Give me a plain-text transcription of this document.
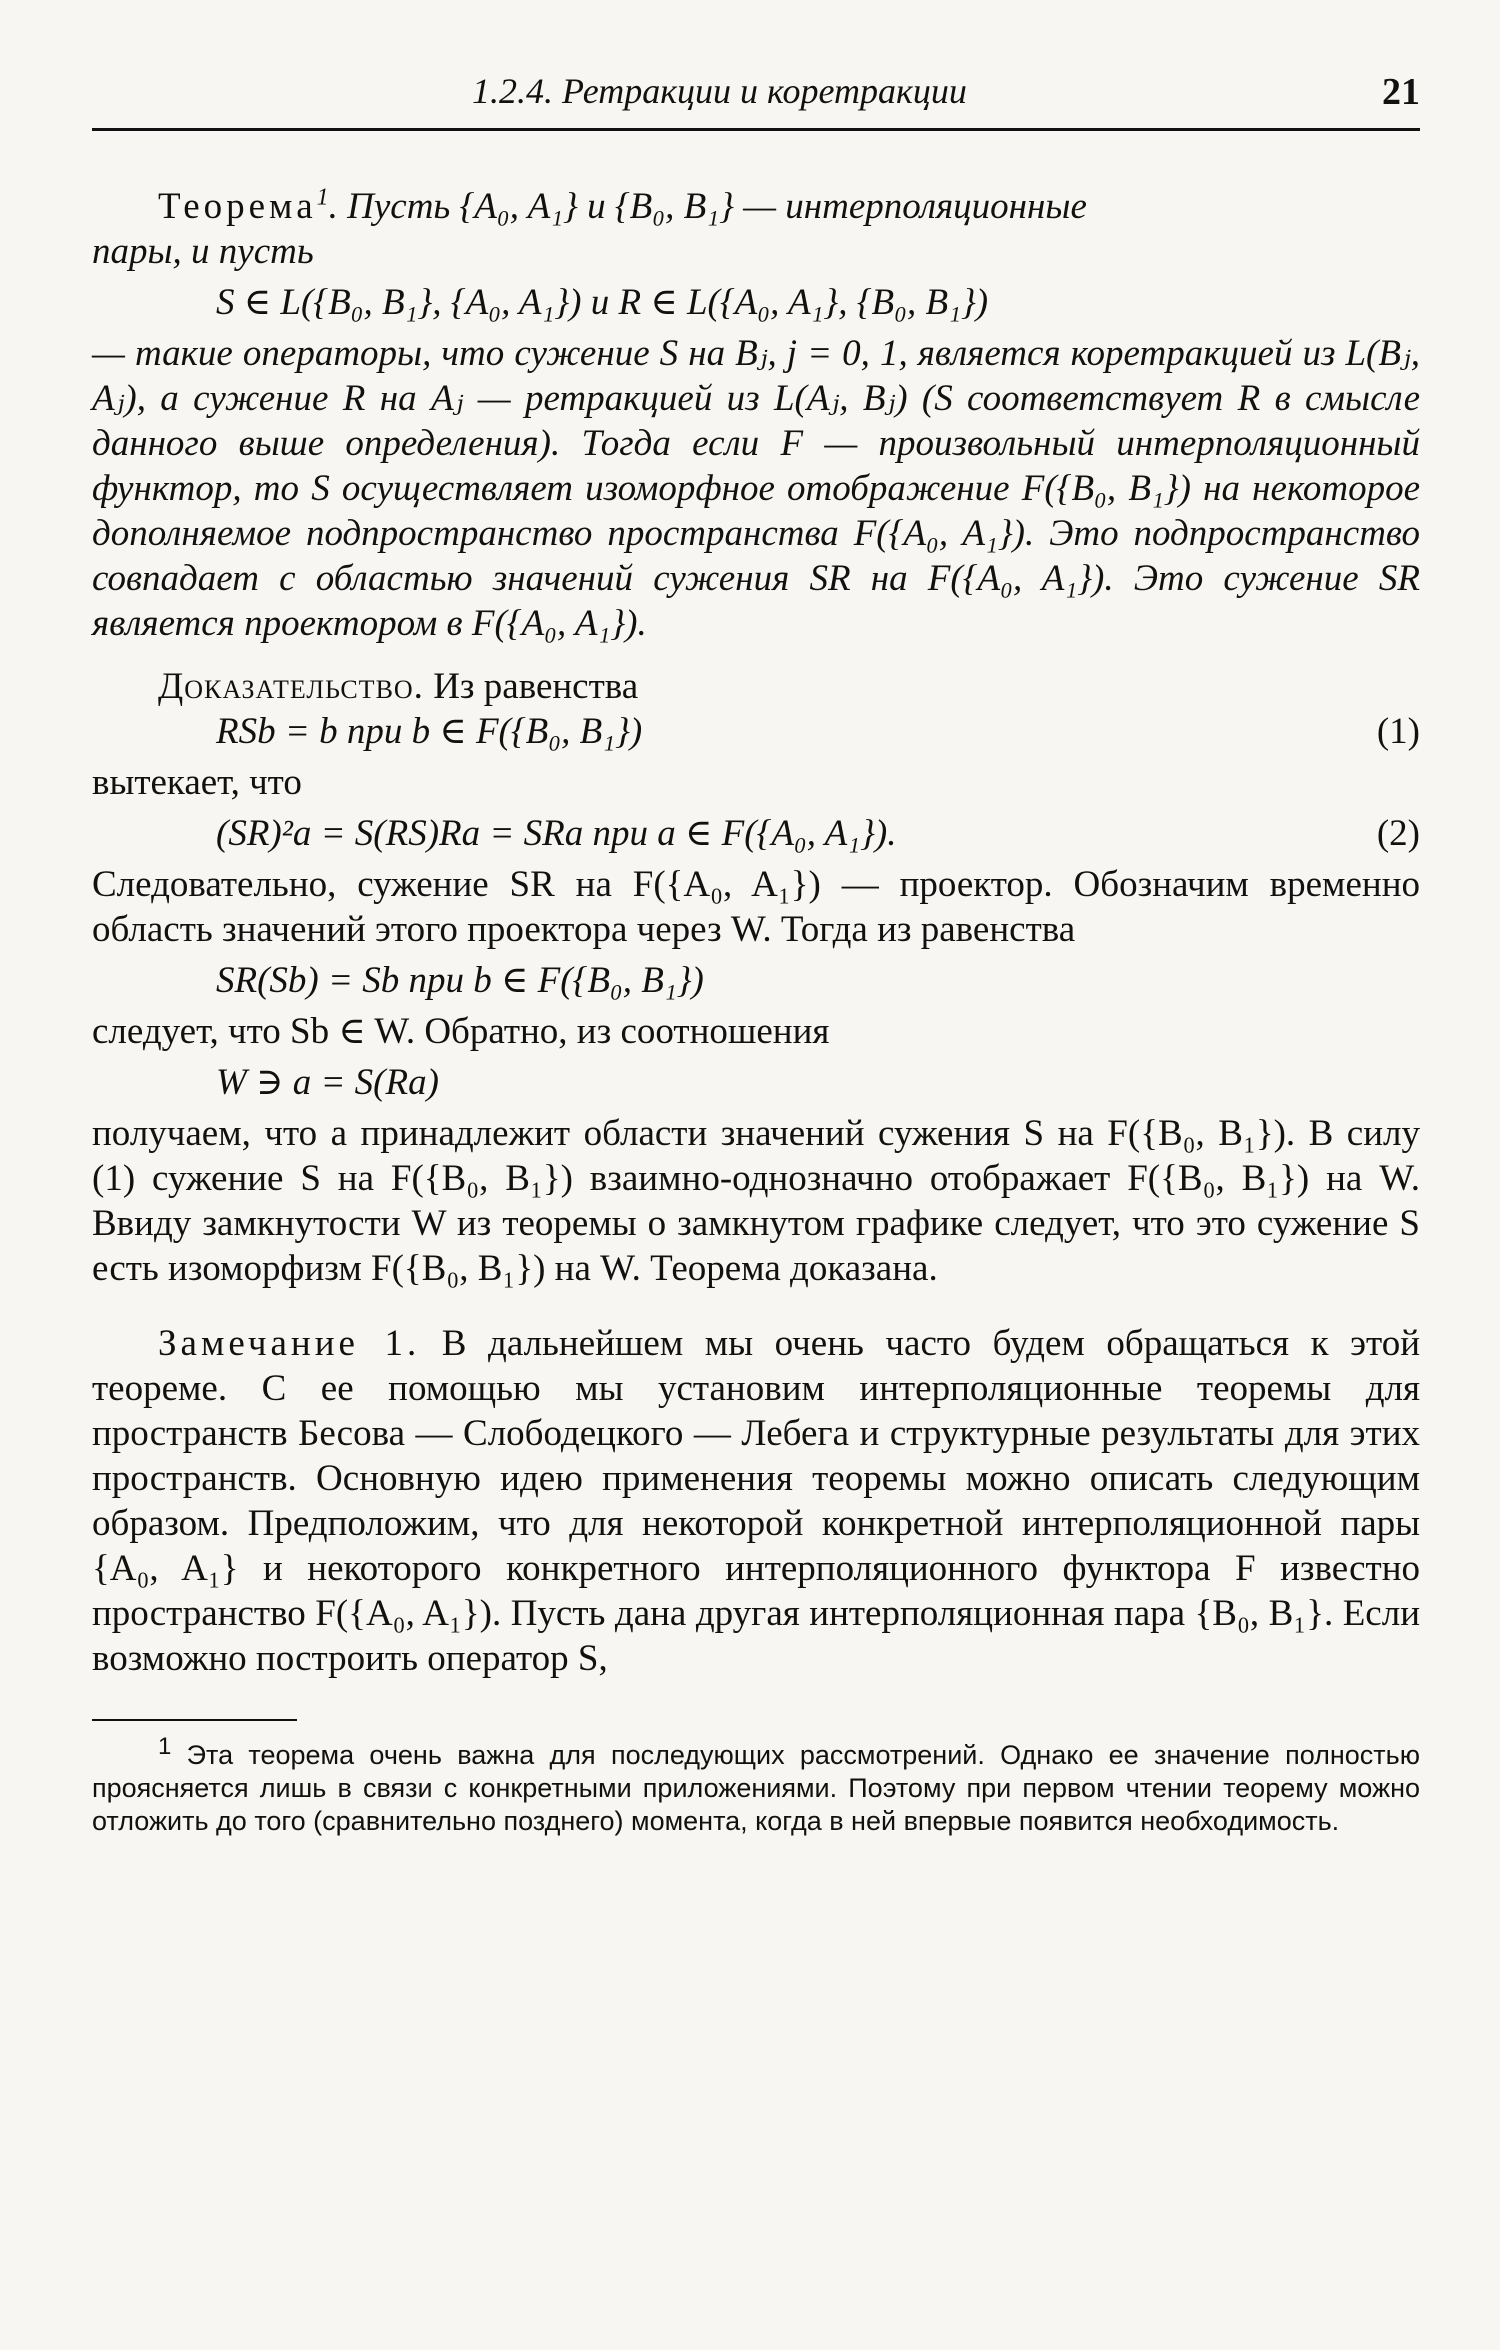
1.2.4. Ретракции и коретракции	21

Теорема$^1$. Пусть {A₀, A₁} и {B₀, B₁} — интерполяционные
пары, и пусть

S ∈ L({B₀, B₁}, {A₀, A₁}) и R ∈ L({A₀, A₁}, {B₀, B₁})

— такие операторы, что сужение S на Bⱼ, j = 0, 1, является коретракцией из L(Bⱼ, Aⱼ), а сужение R на Aⱼ — ретракцией из L(Aⱼ, Bⱼ) (S соответствует R в смысле данного выше определения). Тогда если F — произвольный интерполяционный функтор, то S осуществляет изоморфное отображение F({B₀, B₁}) на некоторое дополняемое подпространство пространства F({A₀, A₁}). Это подпространство совпадает с областью значений сужения SR на F({A₀, A₁}). Это сужение SR является проектором в F({A₀, A₁}).

Доказательство. Из равенства

RSb = b при b ∈ F({B₀, B₁})	(1)

вытекает, что

(SR)²a = S(RS)Ra = SRa при a ∈ F({A₀, A₁}).	(2)

Следовательно, сужение SR на F({A₀, A₁}) — проектор. Обозначим временно область значений этого проектора через W. Тогда из равенства

SR(Sb) = Sb при b ∈ F({B₀, B₁})

следует, что Sb ∈ W. Обратно, из соотношения

W ∋ a = S(Ra)

получаем, что a принадлежит области значений сужения S на F({B₀, B₁}). В силу (1) сужение S на F({B₀, B₁}) взаимно-однозначно отображает F({B₀, B₁}) на W. Ввиду замкнутости W из теоремы о замкнутом графике следует, что это сужение S есть изоморфизм F({B₀, B₁}) на W. Теорема доказана.

Замечание 1. В дальнейшем мы очень часто будем обращаться к этой теореме. С ее помощью мы установим интерполяционные теоремы для пространств Бесова — Слободецкого — Лебега и структурные результаты для этих пространств. Основную идею применения теоремы можно описать следующим образом. Предположим, что для некоторой конкретной интерполяционной пары {A₀, A₁} и некоторого конкретного интерполяционного функтора F известно пространство F({A₀, A₁}). Пусть дана другая интерполяционная пара {B₀, B₁}. Если возможно построить оператор S,

$^1$ Эта теорема очень важна для последующих рассмотрений. Однако ее значение полностью проясняется лишь в связи с конкретными приложениями. Поэтому при первом чтении теорему можно отложить до того (сравнительно позднего) момента, когда в ней впервые появится необходимость.
